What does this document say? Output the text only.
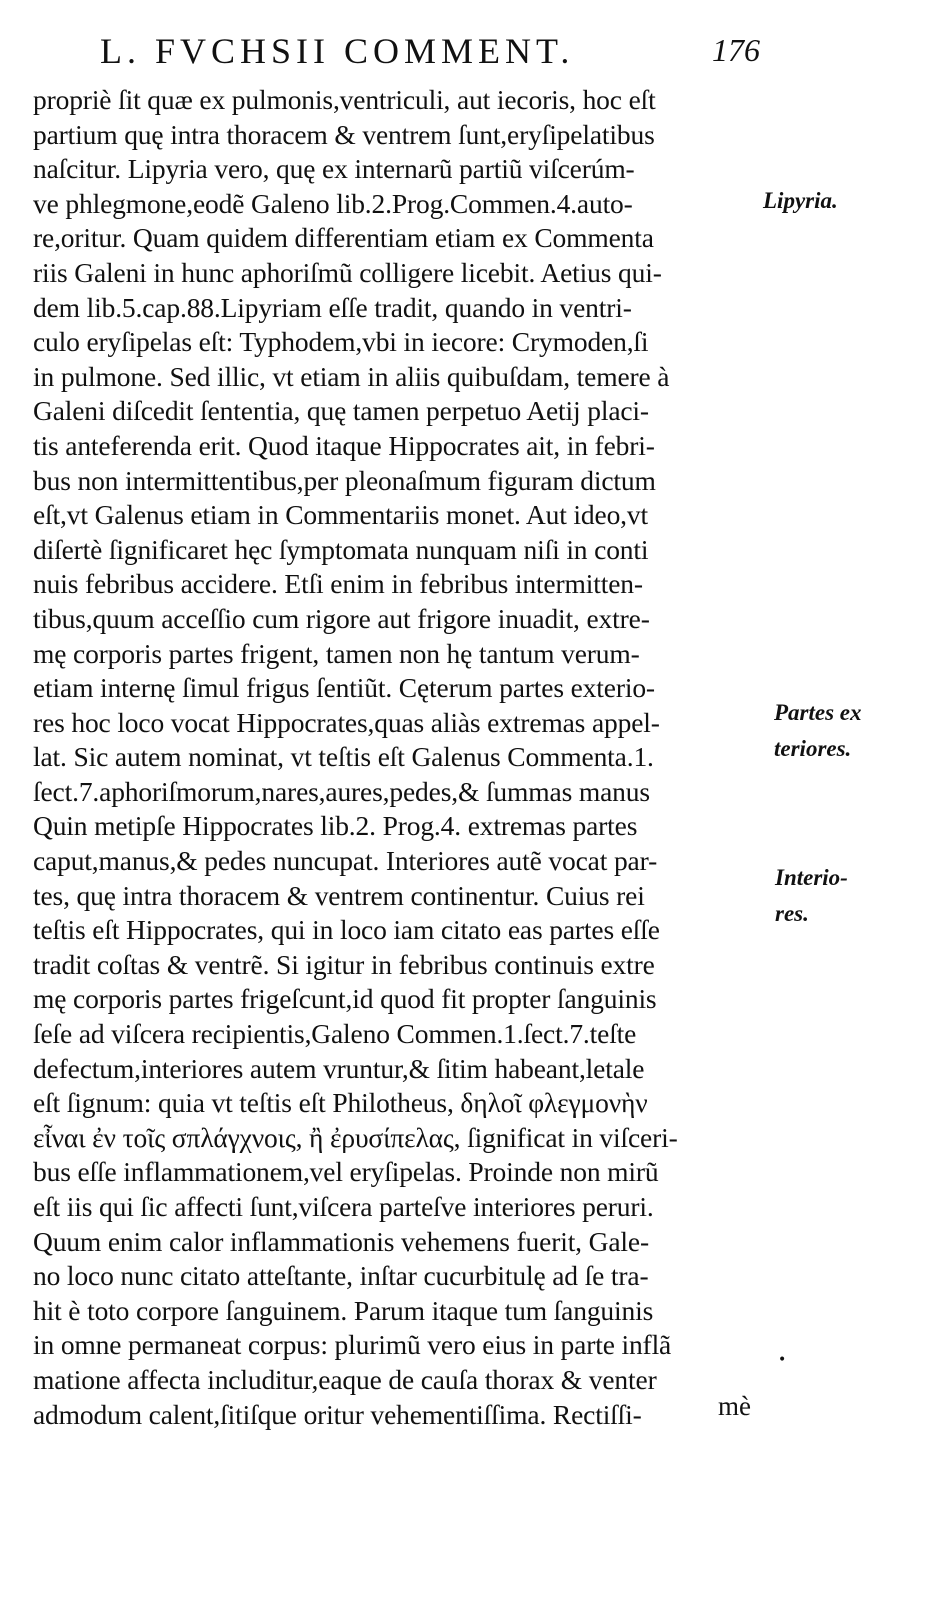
L. FVCHSII COMMENT.	176
propriè ſit quæ ex pulmonis,ventriculi, aut iecoris, hoc eſt
partium quę intra thoracem & ventrem ſunt,eryſipelatibus
naſcitur. Lipyria vero, quę ex internarũ partiũ viſcerúm-
ve phlegmone,eodẽ Galeno lib.2.Prog.Commen.4.auto-
re,oritur. Quam quidem differentiam etiam ex Commenta
riis Galeni in hunc aphoriſmũ colligere licebit. Aetius qui-
dem lib.5.cap.88.Lipyriam eſſe tradit, quando in ventri-
culo eryſipelas eſt: Typhodem,vbi in iecore: Crymoden,ſi
in pulmone. Sed illic, vt etiam in aliis quibuſdam, temere à
Galeni diſcedit ſententia, quę tamen perpetuo Aetij placi-
tis anteferenda erit. Quod itaque Hippocrates ait, in febri-
bus non intermittentibus,per pleonaſmum figuram dictum
eſt,vt Galenus etiam in Commentariis monet. Aut ideo,vt
diſertè ſignificaret hęc ſymptomata nunquam niſi in conti
nuis febribus accidere. Etſi enim in febribus intermitten-
tibus,quum acceſſio cum rigore aut frigore inuadit, extre-
mę corporis partes frigent, tamen non hę tantum verum-
etiam internę ſimul frigus ſentiũt. Cęterum partes exterio-
res hoc loco vocat Hippocrates,quas aliàs extremas appel-
lat. Sic autem nominat, vt teſtis eſt Galenus Commenta.1.
ſect.7.aphoriſmorum,nares,aures,pedes,& ſummas manus
Quin metipſe Hippocrates lib.2. Prog.4. extremas partes
caput,manus,& pedes nuncupat. Interiores autẽ vocat par-
tes, quę intra thoracem & ventrem continentur. Cuius rei
teſtis eſt Hippocrates, qui in loco iam citato eas partes eſſe
tradit coſtas & ventrẽ. Si igitur in febribus continuis extre
mę corporis partes frigeſcunt,id quod fit propter ſanguinis
ſeſe ad viſcera recipientis,Galeno Commen.1.ſect.7.teſte
defectum,interiores autem vruntur,& ſitim habeant,letale
eſt ſignum: quia vt teſtis eſt Philotheus, δηλοῖ φλεγμονὴν
εἶναι ἐν τοῖς σπλάγχνοις, ἢ ἐρυσίπελας, ſignificat in viſceri-
bus eſſe inflammationem,vel eryſipelas. Proinde non mirũ
eſt iis qui ſic affecti ſunt,viſcera parteſve interiores peruri.
Quum enim calor inflammationis vehemens fuerit, Gale-
no loco nunc citato atteſtante, inſtar cucurbitulę ad ſe tra-
hit è toto corpore ſanguinem. Parum itaque tum ſanguinis
in omne permaneat corpus: plurimũ vero eius in parte inflã
matione affecta includitur,eaque de cauſa thorax & venter
admodum calent,ſitiſque oritur vehementiſſima. Rectiſſi-	mè
Lipyria.
Partes ex
teriores.
Interio-
res.
•
